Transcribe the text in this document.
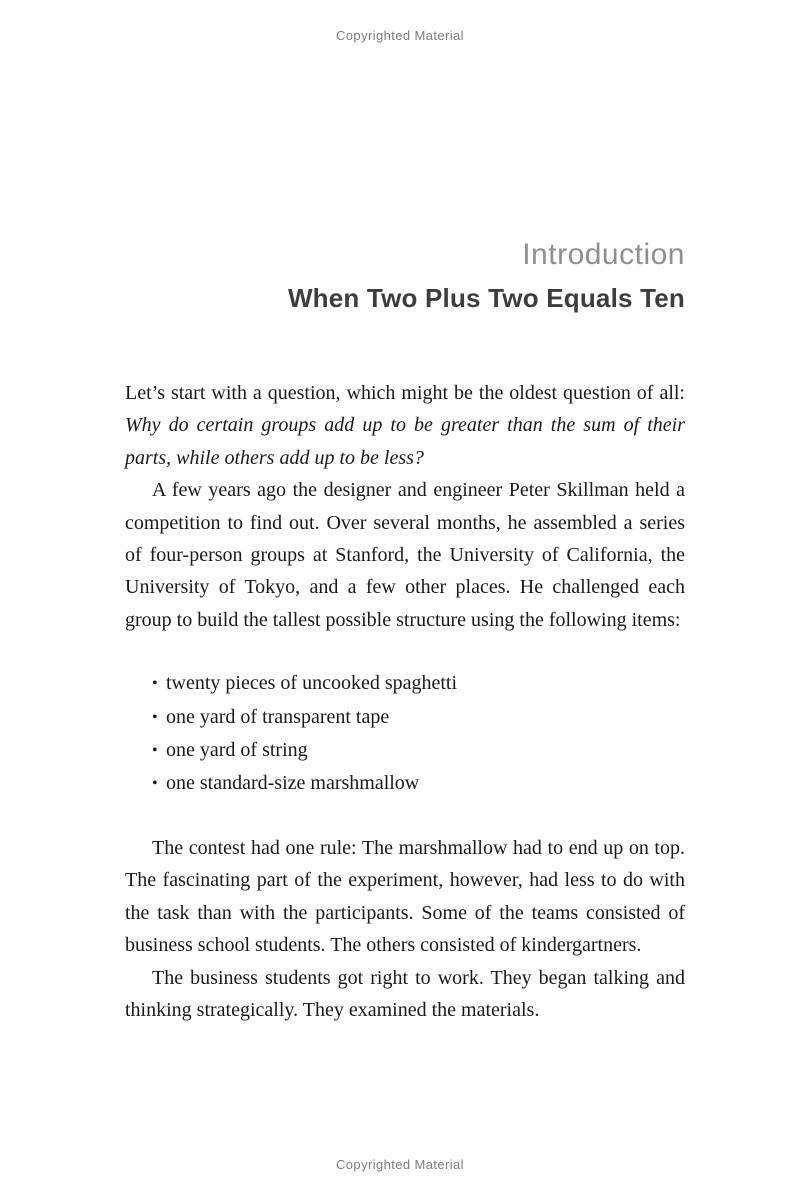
Copyrighted Material
Introduction
When Two Plus Two Equals Ten

Let’s start with a question, which might be the oldest question of all: Why do certain groups add up to be greater than the sum of their parts, while others add up to be less?

A few years ago the designer and engineer Peter Skillman held a competition to find out. Over several months, he assembled a series of four-person groups at Stanford, the University of California, the University of Tokyo, and a few other places. He challenged each group to build the tallest possible structure using the following items:

• twenty pieces of uncooked spaghetti
• one yard of transparent tape
• one yard of string
• one standard-size marshmallow

The contest had one rule: The marshmallow had to end up on top. The fascinating part of the experiment, however, had less to do with the task than with the participants. Some of the teams consisted of business school students. The others consisted of kindergartners.

The business students got right to work. They began talking and thinking strategically. They examined the materials.

Copyrighted Material
